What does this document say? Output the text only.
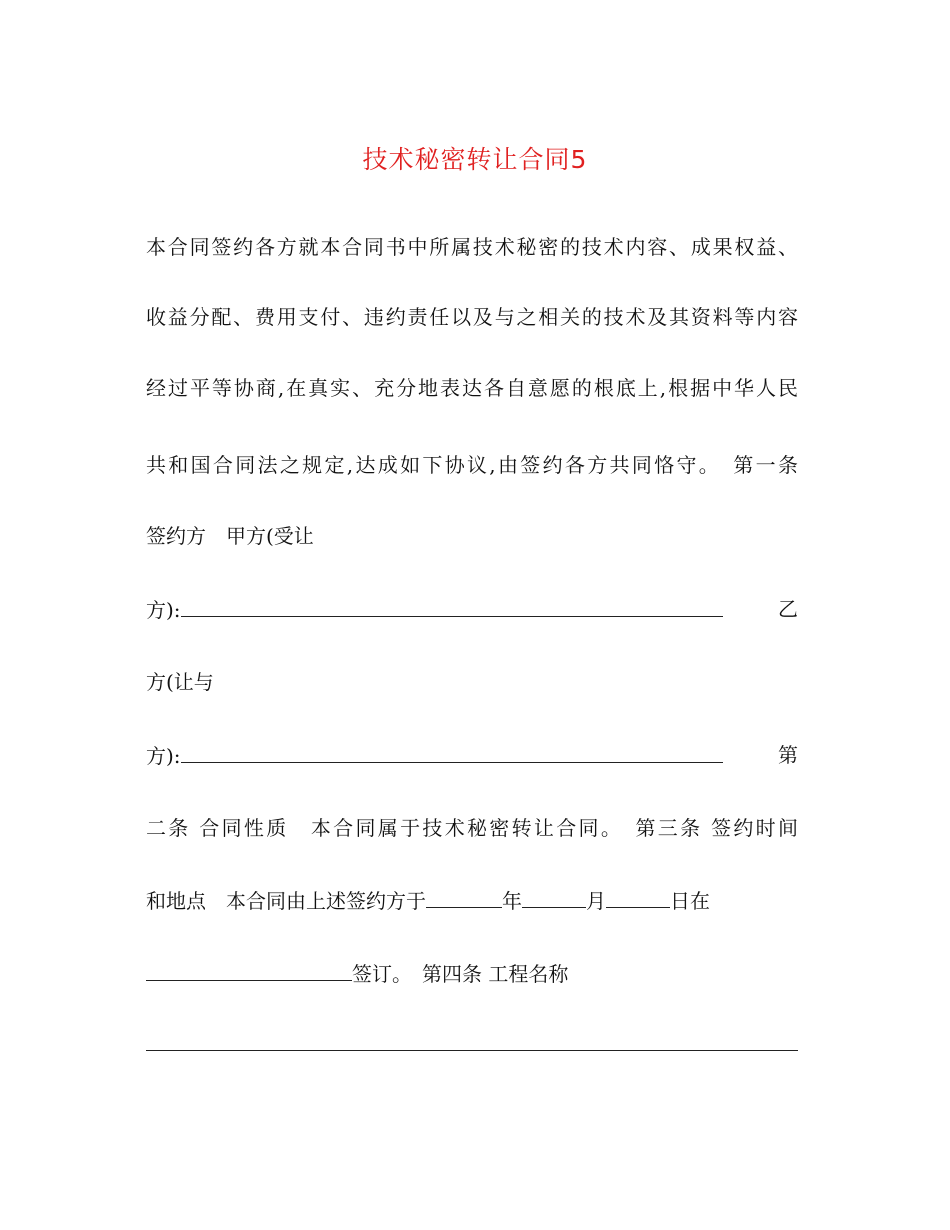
技术秘密转让合同5
本合同签约各方就本合同书中所属技术秘密的技术内容、成果权益、
收益分配、费用支付、违约责任以及与之相关的技术及其资料等内容
经过平等协商,在真实、充分地表达各自意愿的根底上,根据中华人民
共和国合同法之规定,达成如下协议,由签约各方共同恪守。　第一条
签约方　甲方(受让
方):	乙
方(让与
方):	第
二条 合同性质　本合同属于技术秘密转让合同。　第三条 签约时间
和地点　本合同由上述签约方于	年	月	日在
签订。　第四条 工程名称
